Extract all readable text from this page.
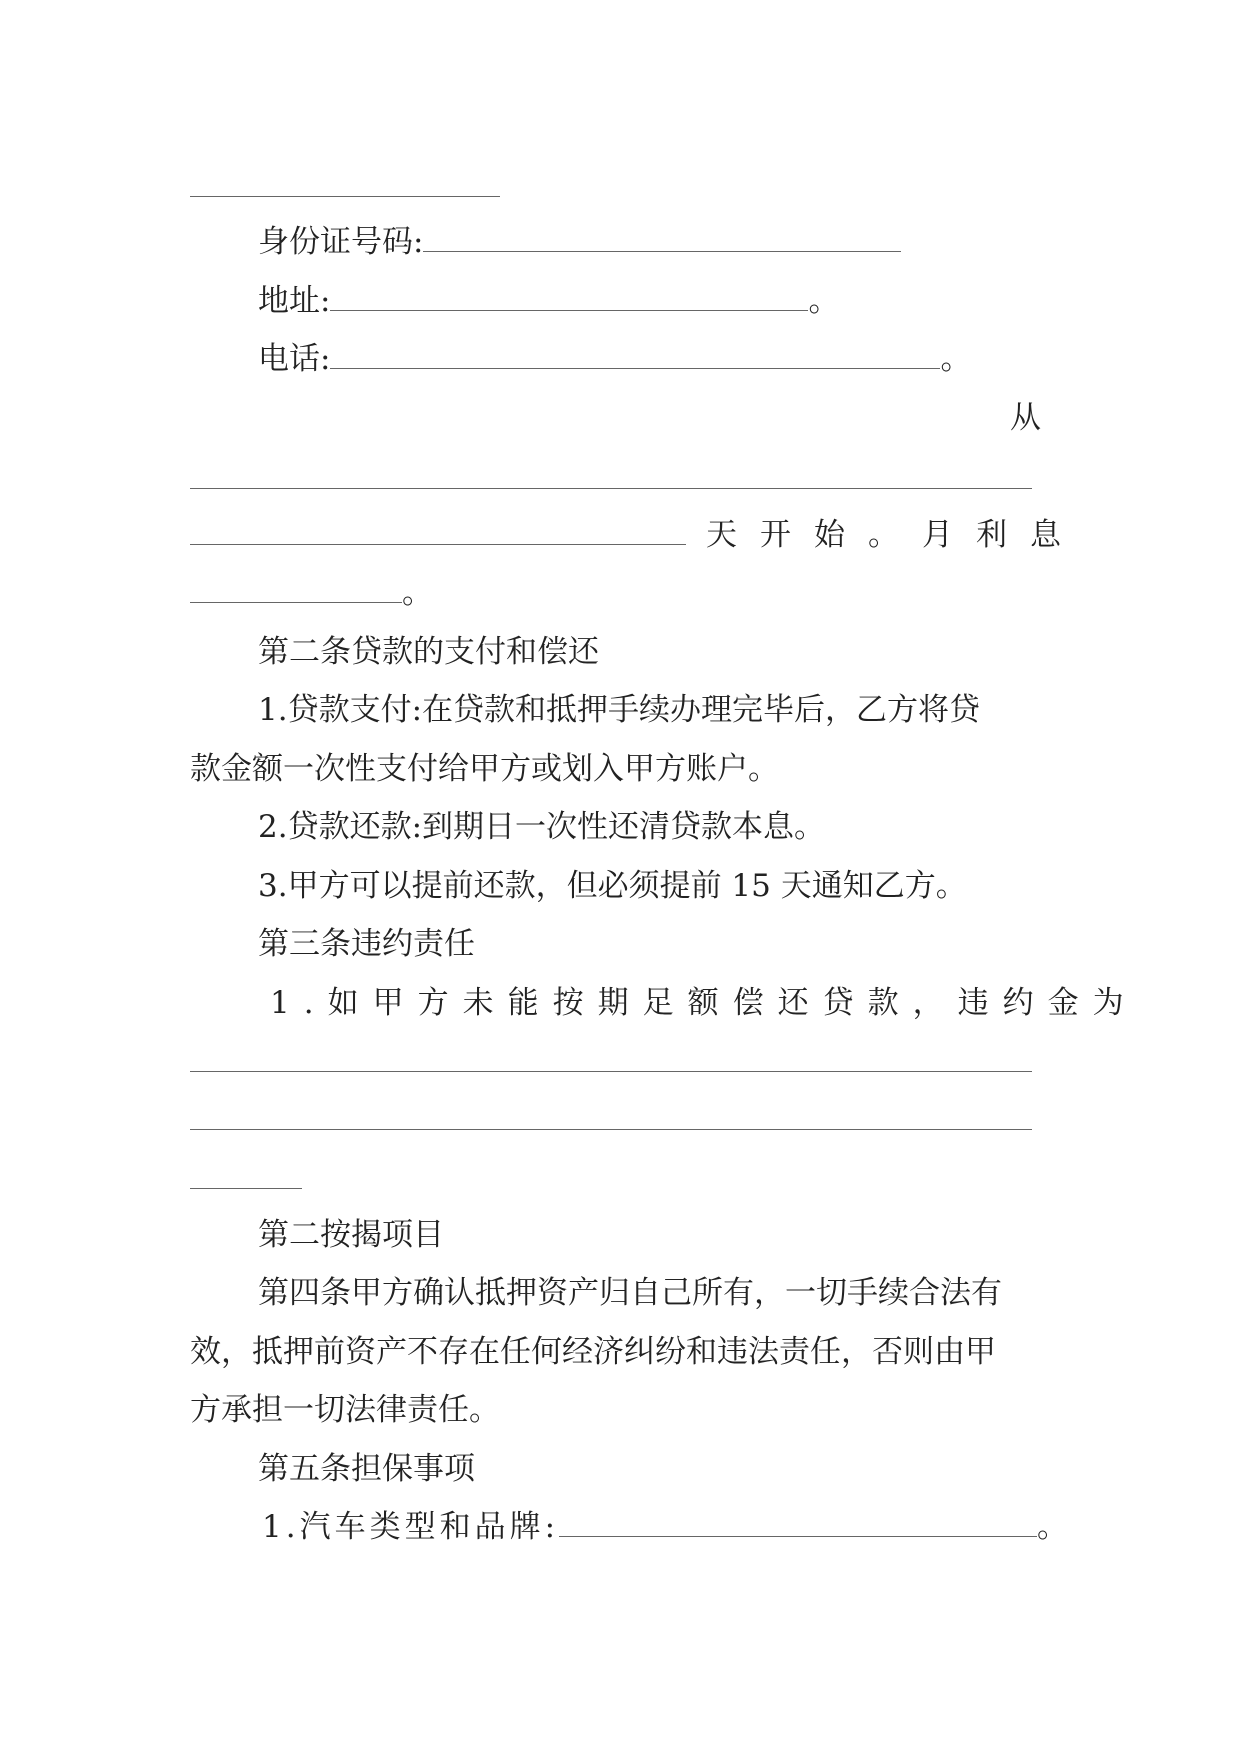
身份证号码:
地址:	。
电话:	。
从
天开始。月利息
。
第二条贷款的支付和偿还
1.贷款支付:在贷款和抵押手续办理完毕后，乙方将贷
款金额一次性支付给甲方或划入甲方账户。
2.贷款还款:到期日一次性还清贷款本息。
3.甲方可以提前还款，但必须提前 15 天通知乙方。
第三条违约责任
1.如甲方未能按期足额偿还贷款，违约金为
第二按揭项目
第四条甲方确认抵押资产归自己所有，一切手续合法有
效，抵押前资产不存在任何经济纠纷和违法责任，否则由甲
方承担一切法律责任。
第五条担保事项
1.汽车类型和品牌:	。
